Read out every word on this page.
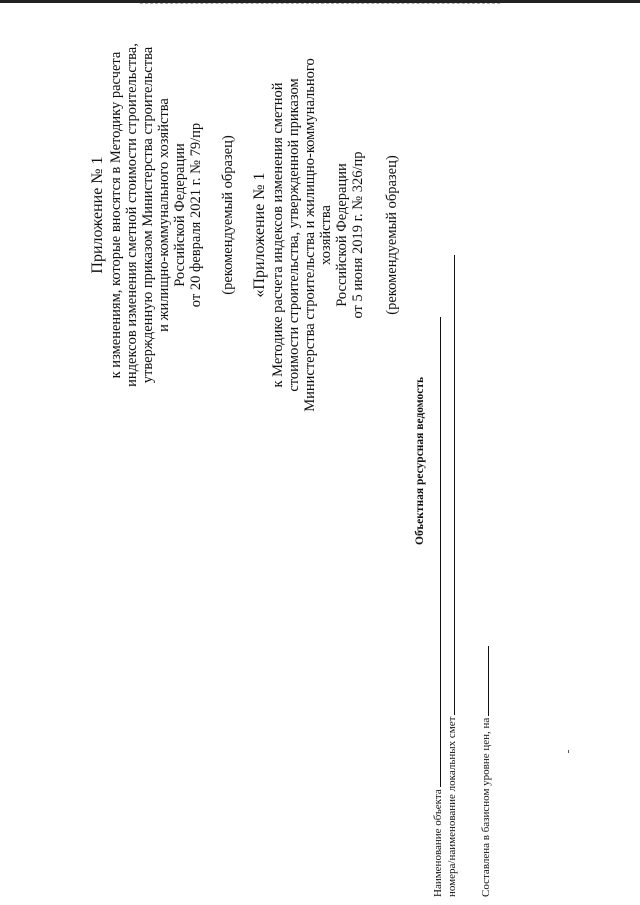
Приложение № 1 к изменениям, которые вносятся в Методику расчета индексов изменения сметной стоимости строительства, утвержденную приказом Министерства строительства и жилищно-коммунального хозяйства Российской Федерации от 20 февраля 2021 г. № 79/пр (рекомендуемый образец) «Приложение № 1 к Методике расчета индексов изменения сметной стоимости строительства, утвержденной приказом Министерства строительства и жилищно-коммунального хозяйства Российской Федерации от 5 июня 2019 г. № 326/пр (рекомендуемый образец)
Объектная ресурсная ведомость
Наименование объекта номера/наименование локальных смет Составлена в базисном уровне цен, на
